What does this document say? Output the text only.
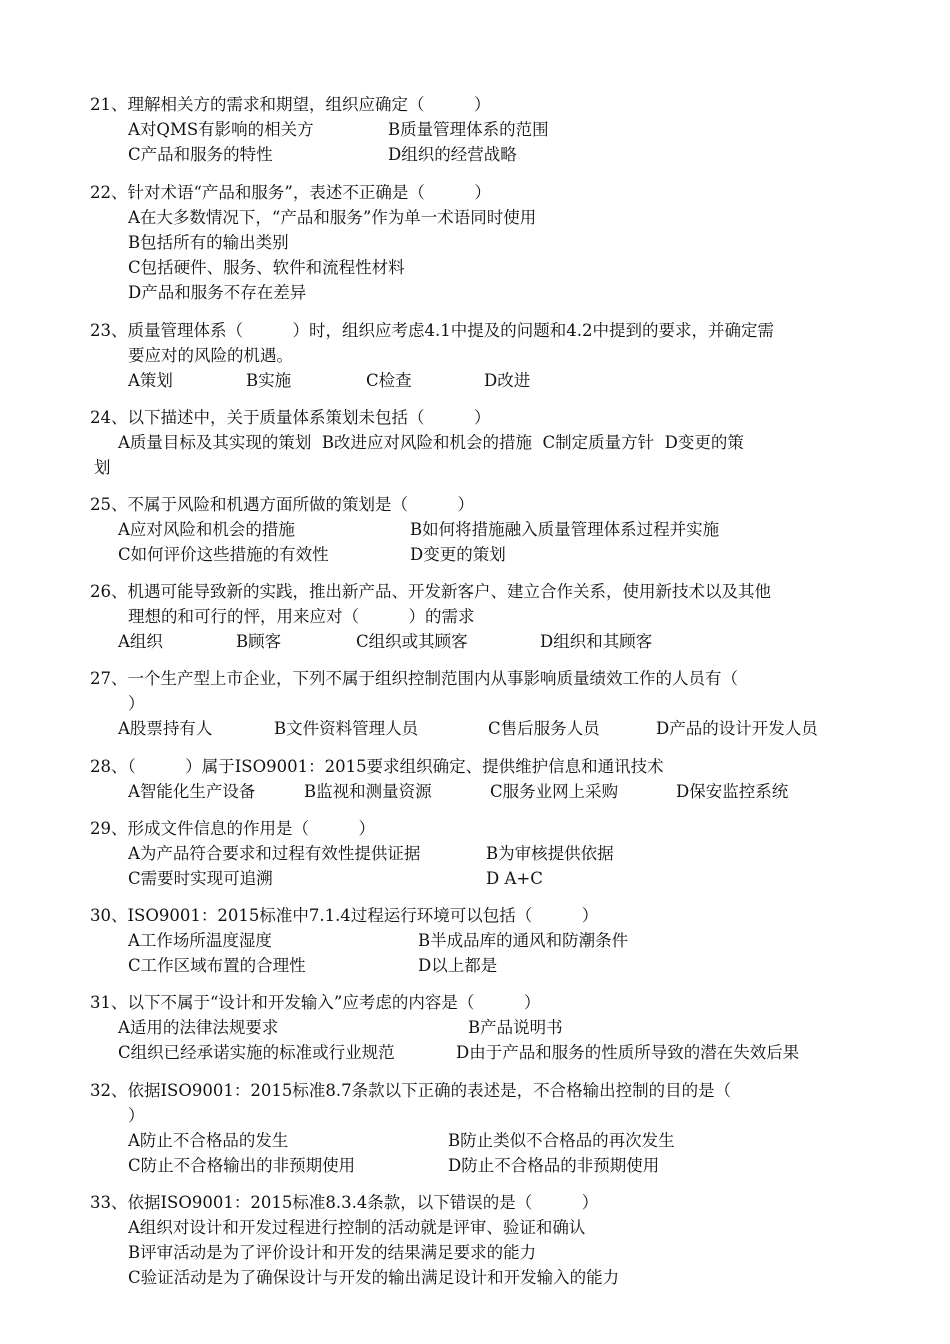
21、理解相关方的需求和期望，组织应确定（　　　）
A对QMS有影响的相关方	B质量管理体系的范围
C产品和服务的特性	D组织的经营战略
22、针对术语“产品和服务”，表述不正确是（　　　）
A在大多数情况下，“产品和服务”作为单一术语同时使用
B包括所有的输出类别
C包括硬件、服务、软件和流程性材料
D产品和服务不存在差异
23、质量管理体系（　　　）时，组织应考虑4.1中提及的问题和4.2中提到的要求，并确定需
要应对的风险的机遇。
A策划	B实施	C检查	D改进
24、以下描述中，关于质量体系策划未包括（　　　）
A质量目标及其实现的策划  B改进应对风险和机会的措施  C制定质量方针  D变更的策
划
25、不属于风险和机遇方面所做的策划是（　　　）
A应对风险和机会的措施	B如何将措施融入质量管理体系过程并实施
C如何评价这些措施的有效性	D变更的策划
26、机遇可能导致新的实践，推出新产品、开发新客户、建立合作关系，使用新技术以及其他
理想的和可行的怦，用来应对（　　　）的需求
A组织	B顾客	C组织或其顾客	D组织和其顾客
27、一个生产型上市企业，下列不属于组织控制范围内从事影响质量绩效工作的人员有（
）
A股票持有人	B文件资料管理人员	C售后服务人员	D产品的设计开发人员
28、（　　　）属于ISO9001：2015要求组织确定、提供维护信息和通讯技术
A智能化生产设备	B监视和测量资源	C服务业网上采购	D保安监控系统
29、形成文件信息的作用是（　　　）
A为产品符合要求和过程有效性提供证据	B为审核提供依据
C需要时实现可追溯	D A+C
30、ISO9001：2015标准中7.1.4过程运行环境可以包括（　　　）
A工作场所温度湿度	B半成品库的通风和防潮条件
C工作区域布置的合理性	D以上都是
31、以下不属于“设计和开发输入”应考虑的内容是（　　　）
A适用的法律法规要求	B产品说明书
C组织已经承诺实施的标准或行业规范	D由于产品和服务的性质所导致的潜在失效后果
32、依据ISO9001：2015标准8.7条款以下正确的表述是，不合格输出控制的目的是（
）
A防止不合格品的发生	B防止类似不合格品的再次发生
C防止不合格输出的非预期使用	D防止不合格品的非预期使用
33、依据ISO9001：2015标准8.3.4条款，以下错误的是（　　　）
A组织对设计和开发过程进行控制的活动就是评审、验证和确认
B评审活动是为了评价设计和开发的结果满足要求的能力
C验证活动是为了确保设计与开发的输出满足设计和开发输入的能力
